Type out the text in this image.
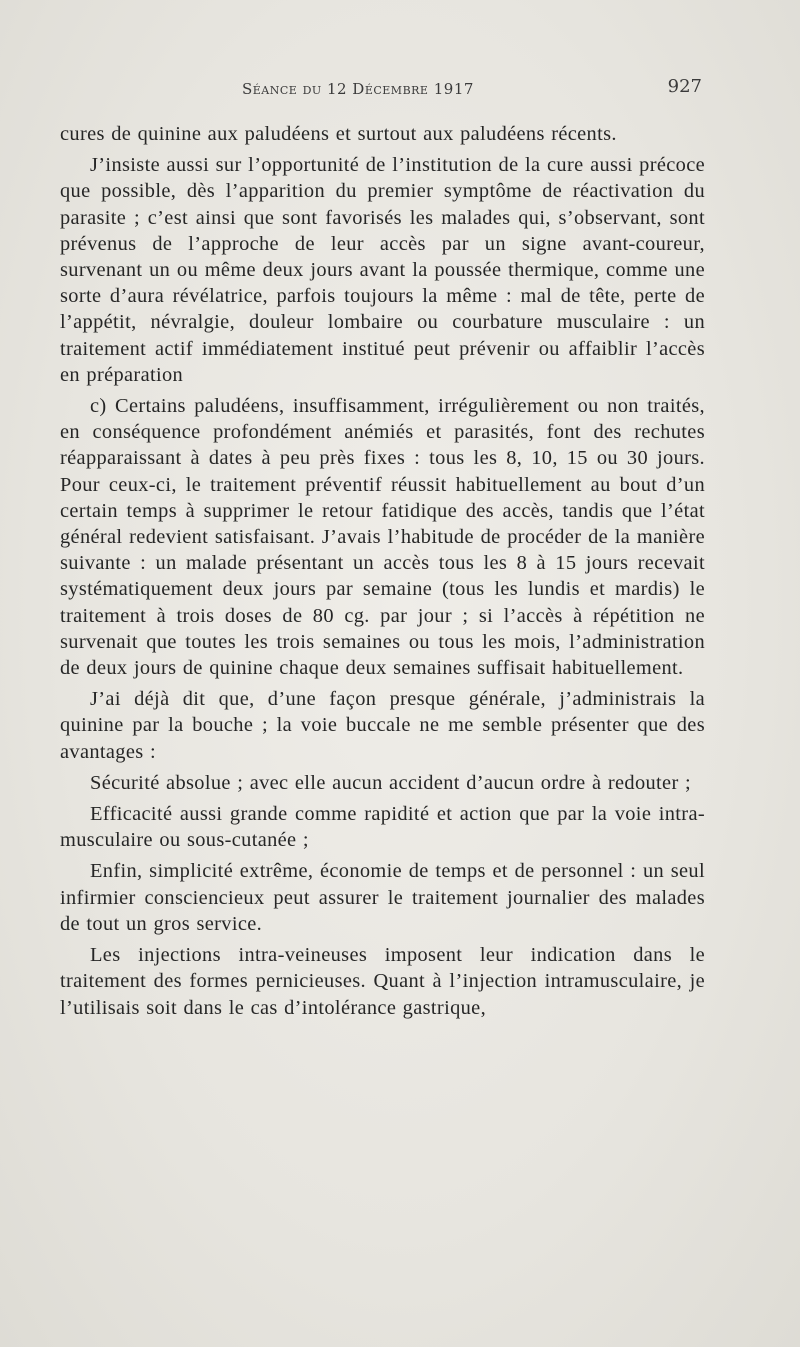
Séance du 12 Décembre 1917	927

cures de quinine aux paludéens et surtout aux paludéens récents.

J’insiste aussi sur l’opportunité de l’institution de la cure aussi précoce que possible, dès l’apparition du premier symptôme de réactivation du parasite ; c’est ainsi que sont favorisés les malades qui, s’observant, sont prévenus de l’approche de leur accès par un signe avant-coureur, survenant un ou même deux jours avant la poussée thermique, comme une sorte d’aura révélatrice, parfois toujours la même : mal de tête, perte de l’appétit, névralgie, douleur lombaire ou courbature musculaire : un traitement actif immédiatement institué peut prévenir ou affaiblir l’accès en préparation

c) Certains paludéens, insuffisamment, irrégulièrement ou non traités, en conséquence profondément anémiés et parasités, font des rechutes réapparaissant à dates à peu près fixes : tous les 8, 10, 15 ou 30 jours. Pour ceux-ci, le traitement préventif réussit habituellement au bout d’un certain temps à supprimer le retour fatidique des accès, tandis que l’état général redevient satisfaisant. J’avais l’habitude de procéder de la manière suivante : un malade présentant un accès tous les 8 à 15 jours recevait systématiquement deux jours par semaine (tous les lundis et mardis) le traitement à trois doses de 80 cg. par jour ; si l’accès à répétition ne survenait que toutes les trois semaines ou tous les mois, l’administration de deux jours de quinine chaque deux semaines suffisait habituellement.

J’ai déjà dit que, d’une façon presque générale, j’administrais la quinine par la bouche ; la voie buccale ne me semble présenter que des avantages :

Sécurité absolue ; avec elle aucun accident d’aucun ordre à redouter ;

Efficacité aussi grande comme rapidité et action que par la voie intra-musculaire ou sous-cutanée ;

Enfin, simplicité extrême, économie de temps et de personnel : un seul infirmier consciencieux peut assurer le traitement journalier des malades de tout un gros service.

Les injections intra-veineuses imposent leur indication dans le traitement des formes pernicieuses. Quant à l’injection intramusculaire, je l’utilisais soit dans le cas d’intolérance gastrique,
